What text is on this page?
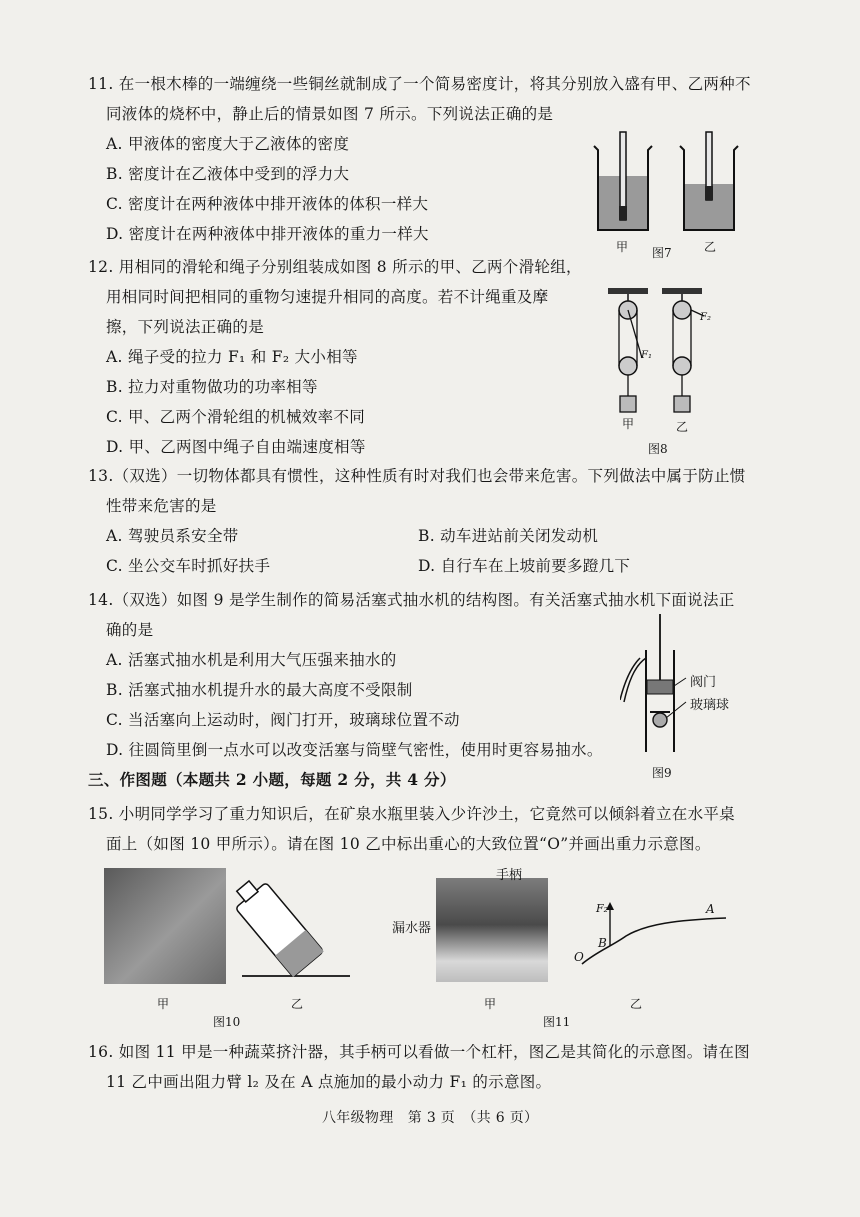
11. 在一根木棒的一端缠绕一些铜丝就制成了一个简易密度计，将其分别放入盛有甲、乙两种不
同液体的烧杯中，静止后的情景如图 7 所示。下列说法正确的是
A. 甲液体的密度大于乙液体的密度
B. 密度计在乙液体中受到的浮力大
C. 密度计在两种液体中排开液体的体积一样大
D. 密度计在两种液体中排开液体的重力一样大
甲	乙
图7
12. 用相同的滑轮和绳子分别组装成如图 8 所示的甲、乙两个滑轮组，
用相同时间把相同的重物匀速提升相同的高度。若不计绳重及摩
擦，下列说法正确的是
A. 绳子受的拉力 F₁ 和 F₂ 大小相等
B. 拉力对重物做功的功率相等
C. 甲、乙两个滑轮组的机械效率不同
D. 甲、乙两图中绳子自由端速度相等
F₁
F₂
甲	乙
图8
13.（双选）一切物体都具有惯性，这种性质有时对我们也会带来危害。下列做法中属于防止惯
性带来危害的是
A. 驾驶员系安全带	B. 动车进站前关闭发动机
C. 坐公交车时抓好扶手	D. 自行车在上坡前要多蹬几下
14.（双选）如图 9 是学生制作的简易活塞式抽水机的结构图。有关活塞式抽水机下面说法正
确的是
A. 活塞式抽水机是利用大气压强来抽水的
B. 活塞式抽水机提升水的最大高度不受限制
C. 当活塞向上运动时，阀门打开，玻璃球位置不动
D. 往圆筒里倒一点水可以改变活塞与筒壁气密性，使用时更容易抽水。
阀门
玻璃球
图9
三、作图题（本题共 2 小题，每题 2 分，共 4 分）
15. 小明同学学习了重力知识后，在矿泉水瓶里装入少许沙土，它竟然可以倾斜着立在水平桌
面上（如图 10 甲所示）。请在图 10 乙中标出重心的大致位置“O”并画出重力示意图。
甲	乙
图10
手柄
漏水器
F₂	A
B
O
甲	乙
图11
16. 如图 11 甲是一种蔬菜挤汁器，其手柄可以看做一个杠杆，图乙是其简化的示意图。请在图
11 乙中画出阻力臂 l₂ 及在 A 点施加的最小动力 F₁ 的示意图。
八年级物理　第 3 页　（共 6 页）
